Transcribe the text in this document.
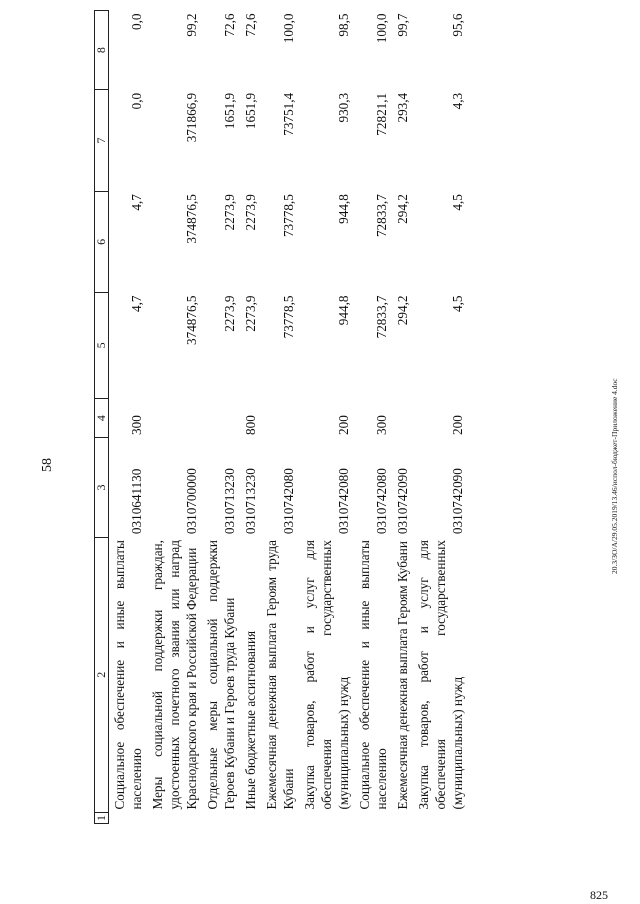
58
1	2	3	4	5	6	7	8
	Социальное обеспечение и иные выплаты населению	0310641130	300	4,7	4,7	0,0	0,0
	Меры социальной поддержки граждан, удостоенных почетного звания или наград Краснодарского края и Российской Федерации	0310700000		374876,5	374876,5	371866,9	99,2
	Отдельные меры социальной поддержки Героев Кубани и Героев труда Кубани	0310713230		2273,9	2273,9	1651,9	72,6
	Иные бюджетные ассигнования	0310713230	800	2273,9	2273,9	1651,9	72,6
	Ежемесячная денежная выплата Героям труда Кубани	0310742080		73778,5	73778,5	73751,4	100,0
	Закупка товаров, работ и услуг для обеспечения государственных (муниципальных) нужд	0310742080	200	944,8	944,8	930,3	98,5
	Социальное обеспечение и иные выплаты населению	0310742080	300	72833,7	72833,7	72821,1	100,0
	Ежемесячная денежная выплата Героям Кубани	0310742090		294,2	294,2	293,4	99,7
	Закупка товаров, работ и услуг для обеспечения государственных (муниципальных) нужд	0310742090	200	4,5	4,5	4,3	95,6
20.3/ЗО/А/29.05.2019/13.46/испол-бюджет-Приложение 4.doc
825
